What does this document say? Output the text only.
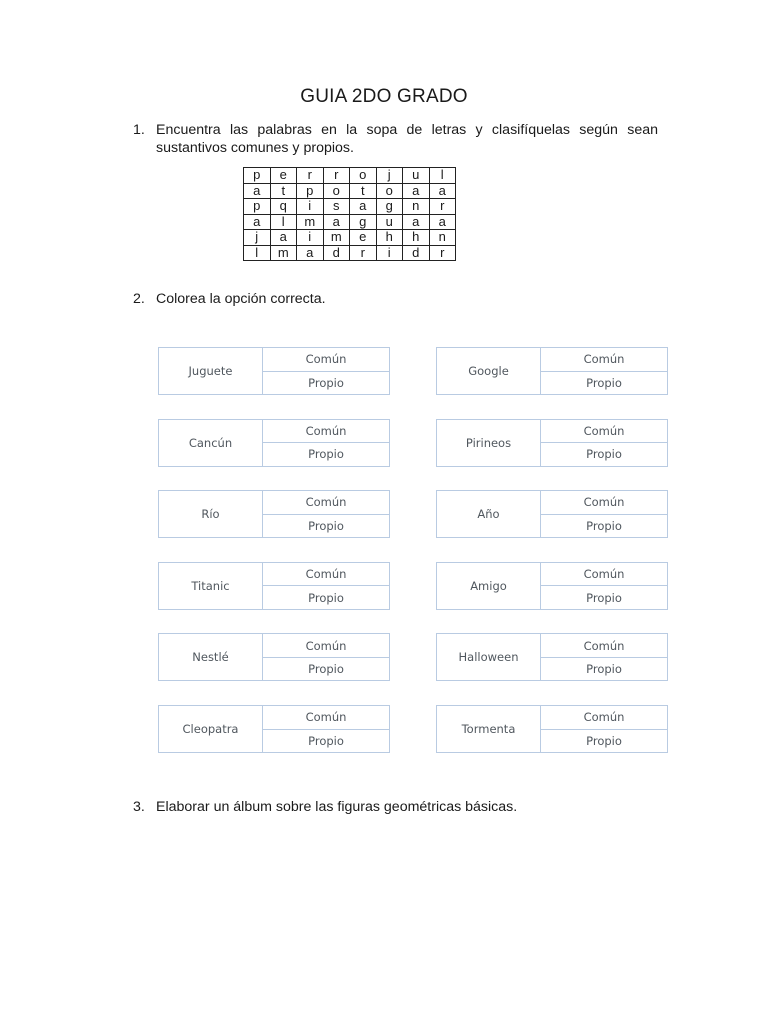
GUIA 2DO GRADO
1. Encuentra las palabras en la sopa de letras y clasifíquelas según sean
sustantivos comunes y propios.
p	e	r	r	o	j	u	l
a	t	p	o	t	o	a	a
p	q	i	s	a	g	n	r
a	l	m	a	g	u	a	a
j	a	i	m	e	h	h	n
l	m	a	d	r	i	d	r
2. Colorea la opción correcta.
Juguete
Común
Propio
Cancún
Común
Propio
Río
Común
Propio
Titanic
Común
Propio
Nestlé
Común
Propio
Cleopatra
Común
Propio
Google
Común
Propio
Pirineos
Común
Propio
Año
Común
Propio
Amigo
Común
Propio
Halloween
Común
Propio
Tormenta
Común
Propio
3. Elaborar un álbum sobre las figuras geométricas básicas.
